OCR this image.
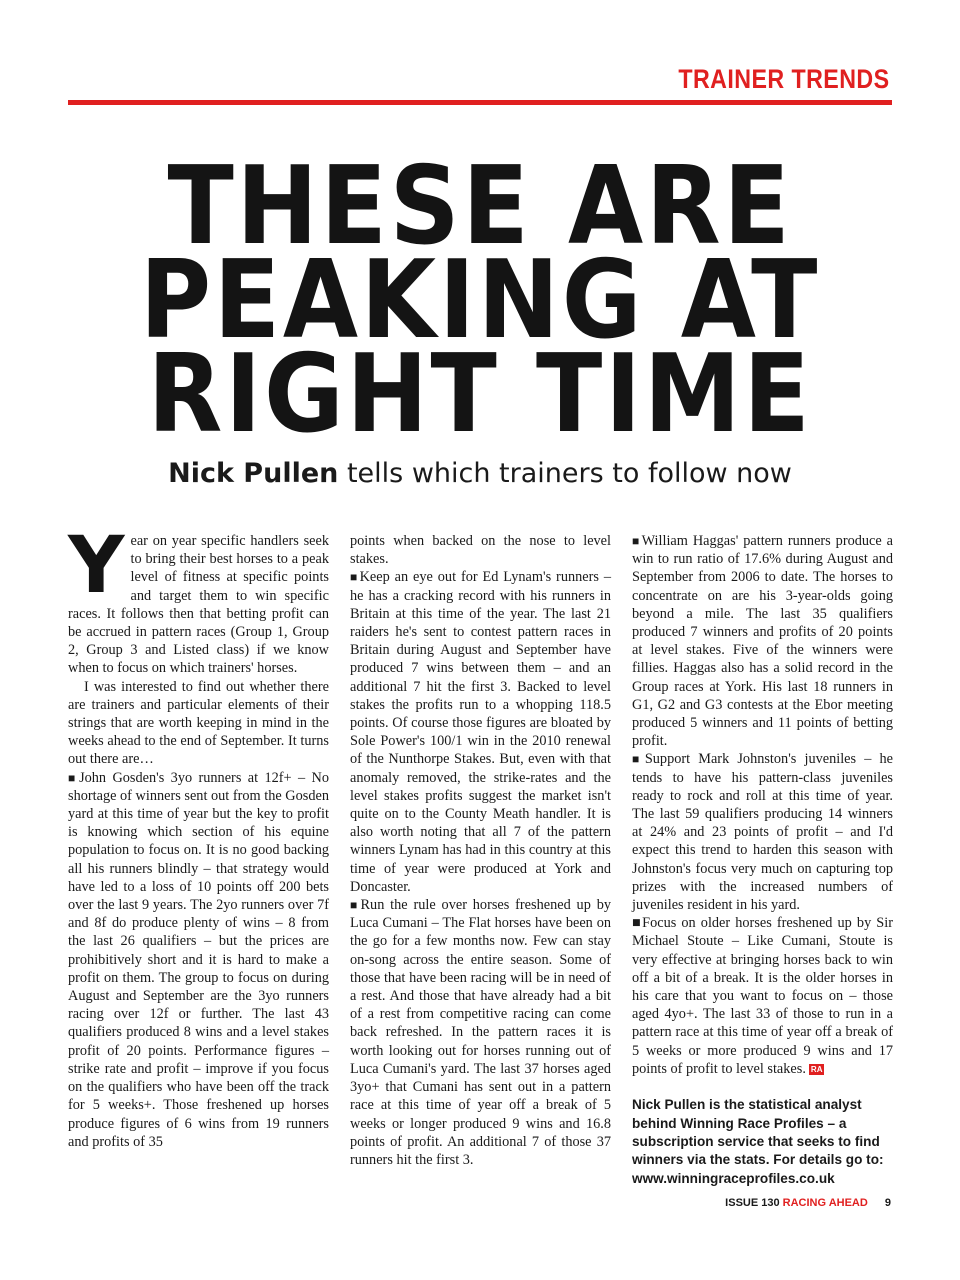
TRAINER TRENDS
THESE ARE
PEAKING AT
RIGHT TIME
Nick Pullen tells which trainers to follow now

Year on year specific handlers seek to bring their best horses to a peak level of fitness at specific points and target them to win specific races. It follows then that betting profit can be accrued in pattern races (Group 1, Group 2, Group 3 and Listed class) if we know when to focus on which trainers' horses.

I was interested to find out whether there are trainers and particular elements of their strings that are worth keeping in mind in the weeks ahead to the end of September. It turns out there are…

■ John Gosden's 3yo runners at 12f+ – No shortage of winners sent out from the Gosden yard at this time of year but the key to profit is knowing which section of his equine population to focus on. It is no good backing all his runners blindly – that strategy would have led to a loss of 10 points off 200 bets over the last 9 years. The 2yo runners over 7f and 8f do produce plenty of wins – 8 from the last 26 qualifiers – but the prices are prohibitively short and it is hard to make a profit on them. The group to focus on during August and September are the 3yo runners racing over 12f or further. The last 43 qualifiers produced 8 wins and a level stakes profit of 20 points. Performance figures – strike rate and profit – improve if you focus on the qualifiers who have been off the track for 5 weeks+. Those freshened up horses produce figures of 6 wins from 19 runners and profits of 35

points when backed on the nose to level stakes.

■ Keep an eye out for Ed Lynam's runners – he has a cracking record with his runners in Britain at this time of the year. The last 21 raiders he's sent to contest pattern races in Britain during August and September have produced 7 wins between them – and an additional 7 hit the first 3. Backed to level stakes the profits run to a whopping 118.5 points. Of course those figures are bloated by Sole Power's 100/1 win in the 2010 renewal of the Nunthorpe Stakes. But, even with that anomaly removed, the strike-rates and the level stakes profits suggest the market isn't quite on to the County Meath handler. It is also worth noting that all 7 of the pattern winners Lynam has had in this country at this time of year were produced at York and Doncaster.

■ Run the rule over horses freshened up by Luca Cumani – The Flat horses have been on the go for a few months now. Few can stay on-song across the entire season. Some of those that have been racing will be in need of a rest. And those that have already had a bit of a rest from competitive racing can come back refreshed. In the pattern races it is worth looking out for horses running out of Luca Cumani's yard. The last 37 horses aged 3yo+ that Cumani has sent out in a pattern race at this time of year off a break of 5 weeks or longer produced 9 wins and 16.8 points of profit. An additional 7 of those 37 runners hit the first 3.

■ William Haggas' pattern runners produce a win to run ratio of 17.6% during August and September from 2006 to date. The horses to concentrate on are his 3-year-olds going beyond a mile. The last 35 qualifiers produced 7 winners and profits of 20 points at level stakes. Five of the winners were fillies. Haggas also has a solid record in the Group races at York. His last 18 runners in G1, G2 and G3 contests at the Ebor meeting produced 5 winners and 11 points of betting profit.

■ Support Mark Johnston's juveniles – he tends to have his pattern-class juveniles ready to rock and roll at this time of year. The last 59 qualifiers producing 14 winners at 24% and 23 points of profit – and I'd expect this trend to harden this season with Johnston's focus very much on capturing top prizes with the increased numbers of juveniles resident in his yard.

■Focus on older horses freshened up by Sir Michael Stoute – Like Cumani, Stoute is very effective at bringing horses back to win off a bit of a break. It is the older horses in his care that you want to focus on – those aged 4yo+. The last 33 of those to run in a pattern race at this time of year off a break of 5 weeks or more produced 9 wins and 17 points of profit to level stakes. RA

Nick Pullen is the statistical analyst behind Winning Race Profiles – a subscription service that seeks to find winners via the stats. For details go to: www.winningraceprofiles.co.uk
ISSUE 130 RACING AHEAD 9
